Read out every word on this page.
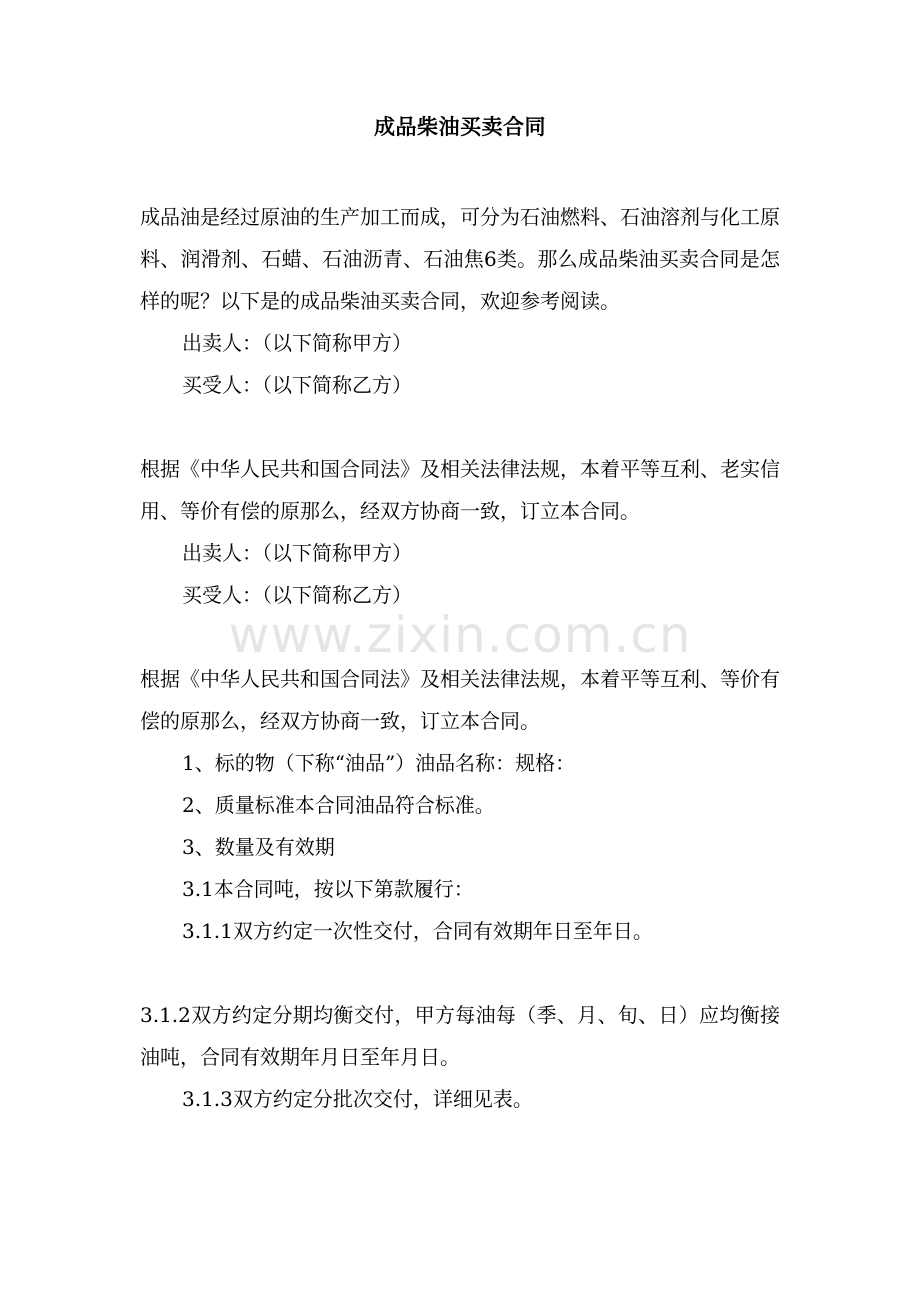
成品柴油买卖合同

成品油是经过原油的生产加工而成，可分为石油燃料、石油溶剂与化工原料、润滑剂、石蜡、石油沥青、石油焦6类。那么成品柴油买卖合同是怎样的呢？以下是的成品柴油买卖合同，欢迎参考阅读。

出卖人：（以下简称甲方）

买受人：（以下简称乙方）

根据《中华人民共和国合同法》及相关法律法规，本着平等互利、老实信用、等价有偿的原那么，经双方协商一致，订立本合同。

出卖人：（以下简称甲方）

买受人：（以下简称乙方）

根据《中华人民共和国合同法》及相关法律法规，本着平等互利、等价有偿的原那么，经双方协商一致，订立本合同。

1、标的物（下称“油品”）油品名称：规格：

2、质量标准本合同油品符合标准。

3、数量及有效期

3.1本合同吨，按以下第款履行：

3.1.1双方约定一次性交付，合同有效期年日至年日。

3.1.2双方约定分期均衡交付，甲方每油每（季、月、旬、日）应均衡接油吨，合同有效期年月日至年月日。

3.1.3双方约定分批次交付，详细见表。

www.zixin.com.cn
